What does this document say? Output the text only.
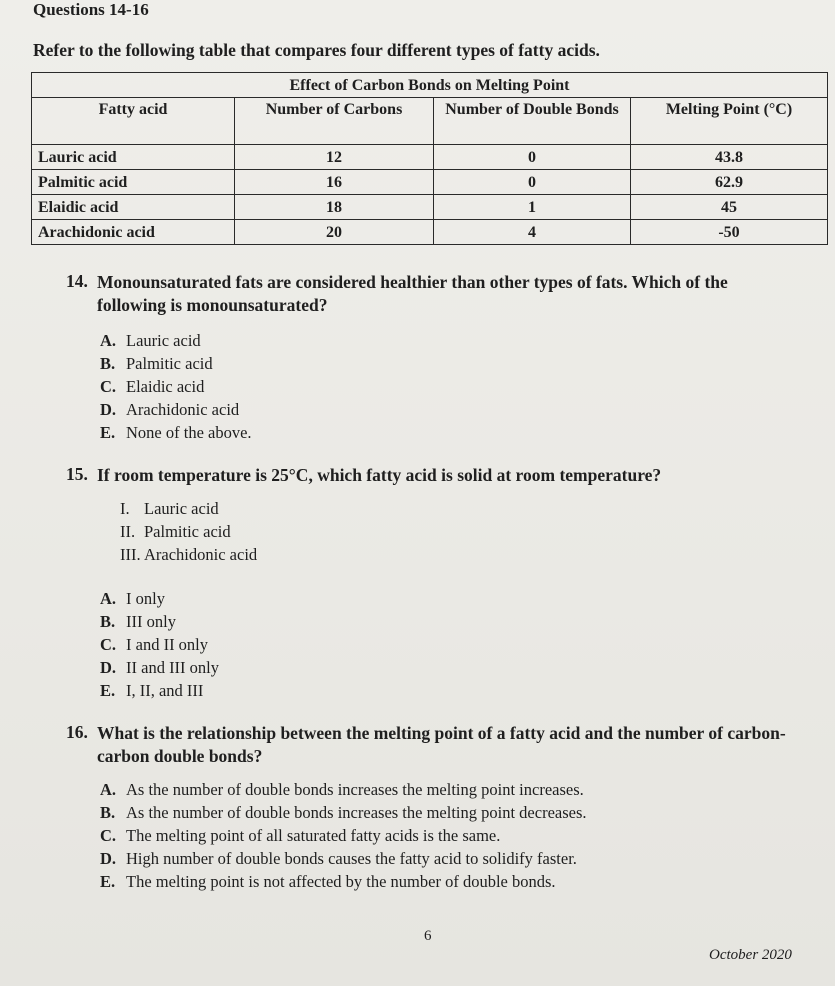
Questions 14-16
Refer to the following table that compares four different types of fatty acids.
Effect of Carbon Bonds on Melting Point			
Fatty acid	Number of Carbons	Number of Double Bonds	Melting Point (°C)
Lauric acid	12	0	43.8
Palmitic acid	16	0	62.9
Elaidic acid	18	1	45
Arachidonic acid	20	4	-50
14. Monounsaturated fats are considered healthier than other types of fats. Which of the
following is monounsaturated?
A. Lauric acid
B. Palmitic acid
C. Elaidic acid
D. Arachidonic acid
E. None of the above.
15. If room temperature is 25°C, which fatty acid is solid at room temperature?
I. Lauric acid
II. Palmitic acid
III. Arachidonic acid
A. I only
B. III only
C. I and II only
D. II and III only
E. I, II, and III
16. What is the relationship between the melting point of a fatty acid and the number of carbon-
carbon double bonds?
A. As the number of double bonds increases the melting point increases.
B. As the number of double bonds increases the melting point decreases.
C. The melting point of all saturated fatty acids is the same.
D. High number of double bonds causes the fatty acid to solidify faster.
E. The melting point is not affected by the number of double bonds.
6
October 2020
